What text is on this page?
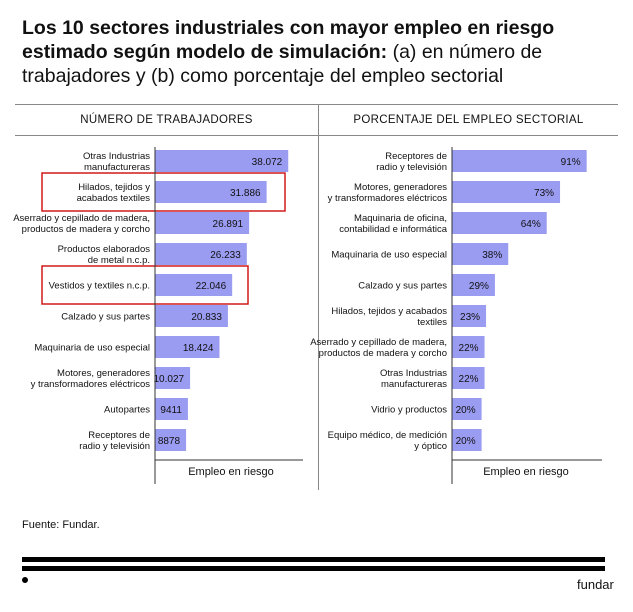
Los 10 sectores industriales con mayor empleo en riesgo estimado según modelo de simulación: (a) en número de trabajadores y (b) como porcentaje del empleo sectorial
NÚMERO DE TRABAJADORES	PORCENTAJE DEL EMPLEO SECTORIAL
38.072
Otras Industrias manufactureras
31.886
Hilados, tejidos y acabados textiles
26.891
Aserrado y cepillado de madera, productos de madera y corcho
26.233
Productos elaborados de metal n.c.p.
22.046
Vestidos y textiles n.c.p.
20.833
Calzado y sus partes
18.424
Maquinaria de uso especial
10.027
Motores, generadores y transformadores eléctricos
9411
Autopartes
8878
Receptores de radio y televisión
Empleo en riesgo
91%
Receptores de radio y televisión
73%
Motores, generadores y transformadores eléctricos
64%
Maquinaria de oficina, contabilidad e informática
38%
Maquinaria de uso especial
29%
Calzado y sus partes
23%
Hilados, tejidos y acabados textiles
22%
Aserrado y cepillado de madera, productos de madera y corcho
22%
Otras Industrias manufactureras
20%
Vidrio y productos
20%
Equipo médico, de medición y óptico
Empleo en riesgo
Fuente: Fundar.
fundar
